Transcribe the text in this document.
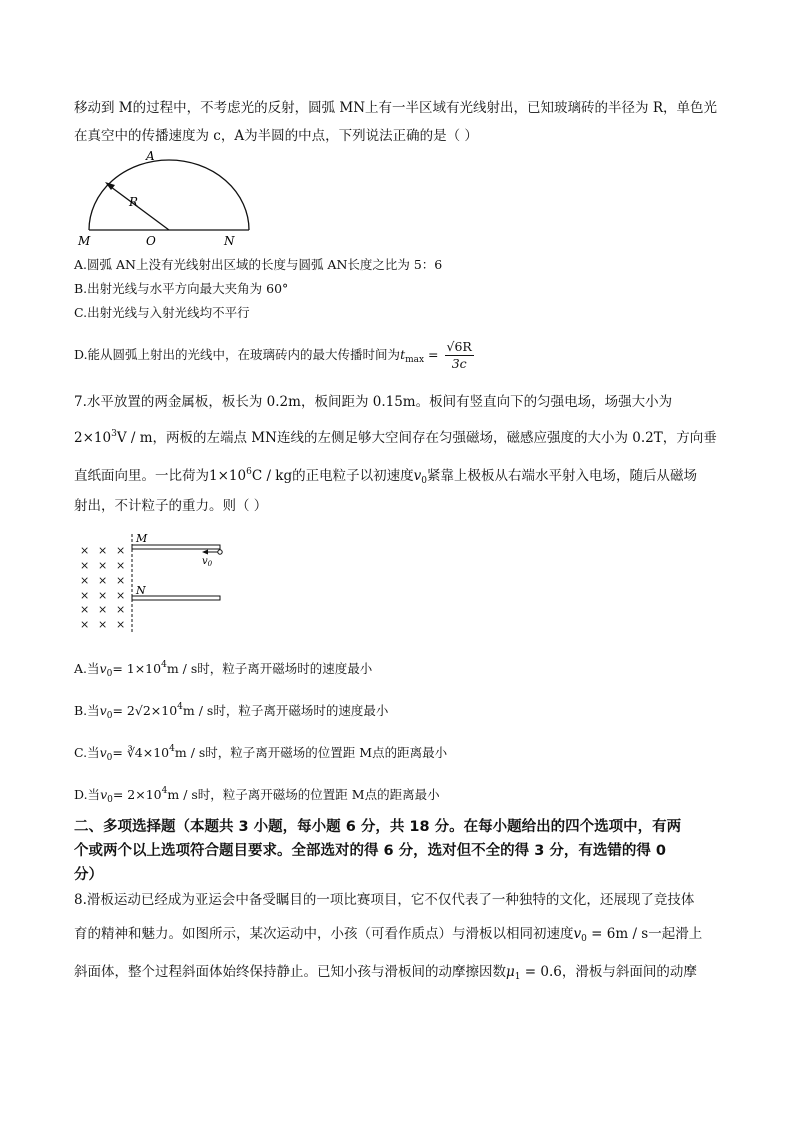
移动到 M的过程中，不考虑光的反射，圆弧 MN上有一半区域有光线射出，已知玻璃砖的半径为 R，单色光
在真空中的传播速度为 c，A为半圆的中点，下列说法正确的是（ ）
A
R
M	O	N
A.圆弧 AN上没有光线射出区域的长度与圆弧 AN长度之比为 5：6
B.出射光线与水平方向最大夹角为 60°
C.出射光线与入射光线均不平行
D.能从圆弧上射出的光线中，在玻璃砖内的最大传播时间为$t_{max} = \frac{√6R}{3c}$
7.水平放置的两金属板，板长为 0.2m，板间距为 0.15m。板间有竖直向下的匀强电场，场强大小为
$2\times 10^3V / m$，两板的左端点 MN连线的左侧足够大空间存在匀强磁场，磁感应强度的大小为 0.2T，方向垂
直纸面向里。一比荷为$1\times 10^6C$ / kg的正电粒子以初速度$v_0$紧靠上极板从右端水平射入电场，随后从磁场
射出，不计粒子的重力。则（ ）
× × ×
× × ×
× × ×
× × ×
× × ×
× × ×
M
N
$v_0$
A.当$v_0= 1\times 10^4m / s$时，粒子离开磁场时的速度最小
B.当$v_0= 2√2\times 10^4m / s$时，粒子离开磁场时的速度最小
C.当$v_0=$ $∛4\times 10^4m / s$时，粒子离开磁场的位置距 M点的距离最小
D.当$v_0= 2\times 10^4m / s$时，粒子离开磁场的位置距 M点的距离最小
二、多项选择题（本题共 3 小题，每小题 6 分，共 18 分。在每小题给出的四个选项中，有两
个或两个以上选项符合题目要求。全部选对的得 6 分，选对但不全的得 3 分，有选错的得 0
分）
8.滑板运动已经成为亚运会中备受瞩目的一项比赛项目，它不仅代表了一种独特的文化，还展现了竞技体
育的精神和魅力。如图所示，某次运动中，小孩（可看作质点）与滑板以相同初速度$v_0 = 6m / s$一起滑上
斜面体，整个过程斜面体始终保持静止。已知小孩与滑板间的动摩擦因数$\mu_1 = 0.6$，滑板与斜面间的动摩
